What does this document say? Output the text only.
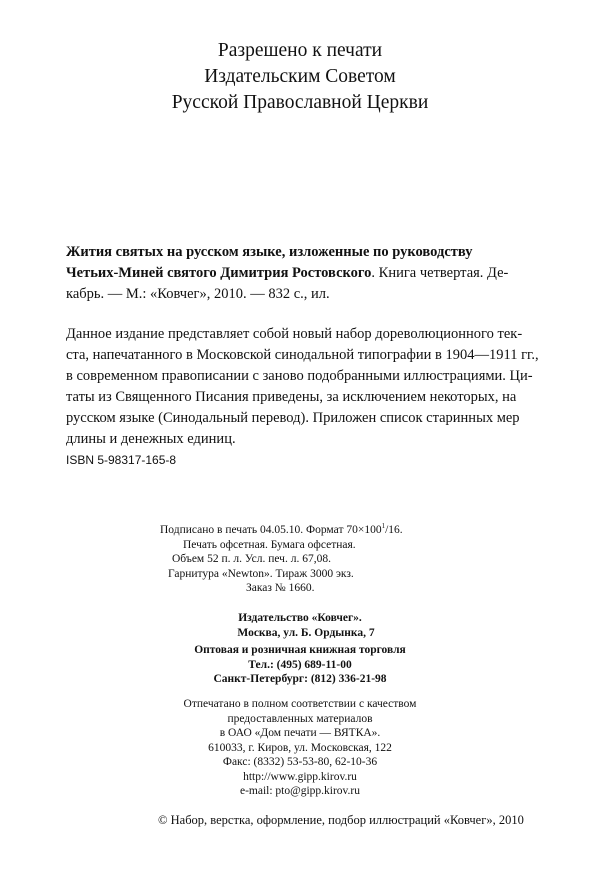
Разрешено к печати
Издательским Советом
Русской Православной Церкви
Жития святых на русском языке, изложенные по руководству
Четьих-Миней святого Димитрия Ростовского. Книга четвертая. Де-
кабрь. — М.: «Ковчег», 2010. — 832 с., ил.
Данное издание представляет собой новый набор дореволюционного тек-
ста, напечатанного в Московской синодальной типографии в 1904—1911 гг.,
в современном правописании с заново подобранными иллюстрациями. Ци-
таты из Священного Писания приведены, за исключением некоторых, на
русском языке (Синодальный перевод). Приложен список старинных мер
длины и денежных единиц.
ISBN 5-98317-165-8
Подписано в печать 04.05.10. Формат $70\times 100^1/16$.
Печать офсетная. Бумага офсетная.
Объем 52 п. л. Усл. печ. л. 67,08.
Гарнитура «Newton». Тираж 3000 экз.
Заказ № 1660.
Издательство «Ковчег».
Москва, ул. Б. Ордынка, 7
Оптовая и розничная книжная торговля
Тел.: (495) 689-11-00
Санкт-Петербург: (812) 336-21-98
Отпечатано в полном соответствии с качеством
предоставленных материалов
в ОАО «Дом печати — ВЯТКА».
610033, г. Киров, ул. Московская, 122
Факс: (8332) 53-53-80, 62-10-36
http://www.gipp.kirov.ru
e-mail: pto@gipp.kirov.ru
© Набор, верстка, оформление, подбор иллюстраций «Ковчег», 2010
